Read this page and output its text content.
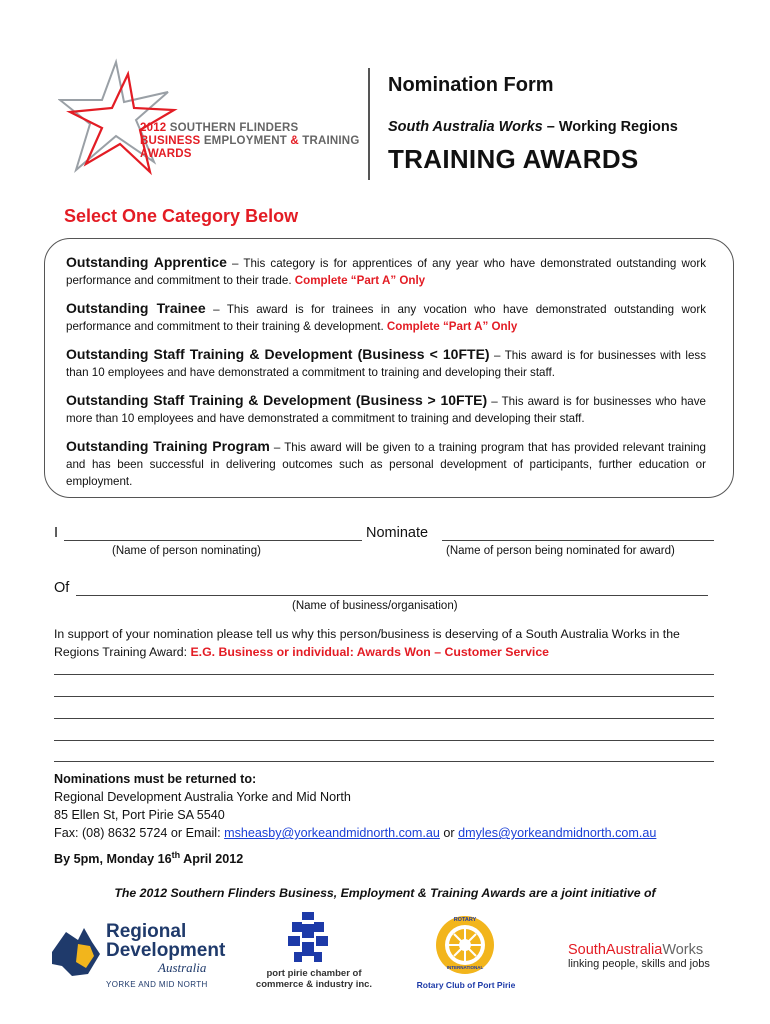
2012 SOUTHERN FLINDERS
BUSINESS EMPLOYMENT & TRAINING
AWARDS
Nomination Form
South Australia Works – Working Regions
TRAINING AWARDS
Select One Category Below
Outstanding Apprentice – This category is for apprentices of any year who have demonstrated outstanding work performance and commitment to their trade. Complete “Part A” Only
Outstanding Trainee – This award is for trainees in any vocation who have demonstrated outstanding work performance and commitment to their training & development. Complete “Part A” Only
Outstanding Staff Training & Development (Business < 10FTE) – This award is for businesses with less than 10 employees and have demonstrated a commitment to training and developing their staff.
Outstanding Staff Training & Development (Business > 10FTE) – This award is for businesses who have more than 10 employees and have demonstrated a commitment to training and developing their staff.
Outstanding Training Program – This award will be given to a training program that has provided relevant training and has been successful in delivering outcomes such as personal development of participants, further education or employment.
I	Nominate
(Name of person nominating)	(Name of person being nominated for award)
Of
(Name of business/organisation)
In support of your nomination please tell us why this person/business is deserving of a South Australia Works in the Regions Training Award: E.G. Business or individual: Awards Won – Customer Service
Nominations must be returned to:
Regional Development Australia Yorke and Mid North
85 Ellen St, Port Pirie SA 5540
Fax: (08) 8632 5724 or Email: msheasby@yorkeandmidnorth.com.au or dmyles@yorkeandmidnorth.com.au
By 5pm, Monday 16th April 2012
The 2012 Southern Flinders Business, Employment & Training Awards are a joint initiative of
Regional
Development
Australia
YORKE AND MID NORTH
port pirie chamber of
commerce & industry inc.
ROTARY
INTERNATIONAL
Rotary Club of Port Pirie
SouthAustraliaWorks
linking people, skills and jobs
